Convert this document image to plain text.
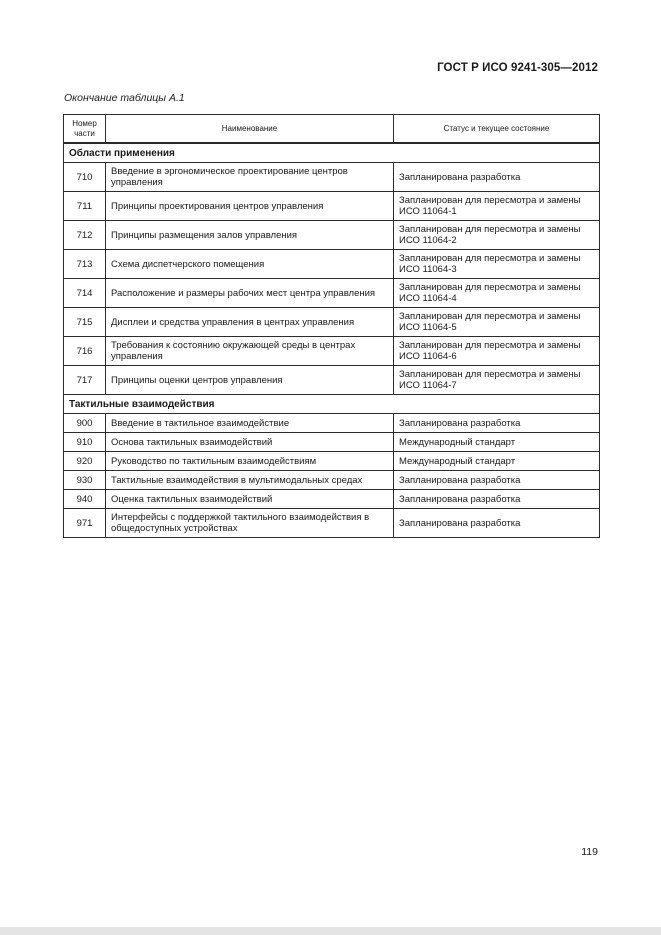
ГОСТ Р ИСО 9241-305—2012
Окончание таблицы А.1
Номер части	Наименование	Статус и текущее состояние
Области применения		
710	Введение в эргономическое проектирование центров управления	Запланирована разработка
711	Принципы проектирования центров управления	Запланирован для пересмотра и замены ИСО 11064-1
712	Принципы размещения залов управления	Запланирован для пересмотра и замены ИСО 11064-2
713	Схема диспетчерского помещения	Запланирован для пересмотра и замены ИСО 11064-3
714	Расположение и размеры рабочих мест центра управления	Запланирован для пересмотра и замены ИСО 11064-4
715	Дисплеи и средства управления в центрах управления	Запланирован для пересмотра и замены ИСО 11064-5
716	Требования к состоянию окружающей среды в центрах управления	Запланирован для пересмотра и замены ИСО 11064-6
717	Принципы оценки центров управления	Запланирован для пересмотра и замены ИСО 11064-7
Тактильные взаимодействия		
900	Введение в тактильное взаимодействие	Запланирована разработка
910	Основа тактильных взаимодействий	Международный стандарт
920	Руководство по тактильным взаимодействиям	Международный стандарт
930	Тактильные взаимодействия в мультимодальных средах	Запланирована разработка
940	Оценка тактильных взаимодействий	Запланирована разработка
971	Интерфейсы с поддержкой тактильного взаимодействия в общедоступных устройствах	Запланирована разработка
119
